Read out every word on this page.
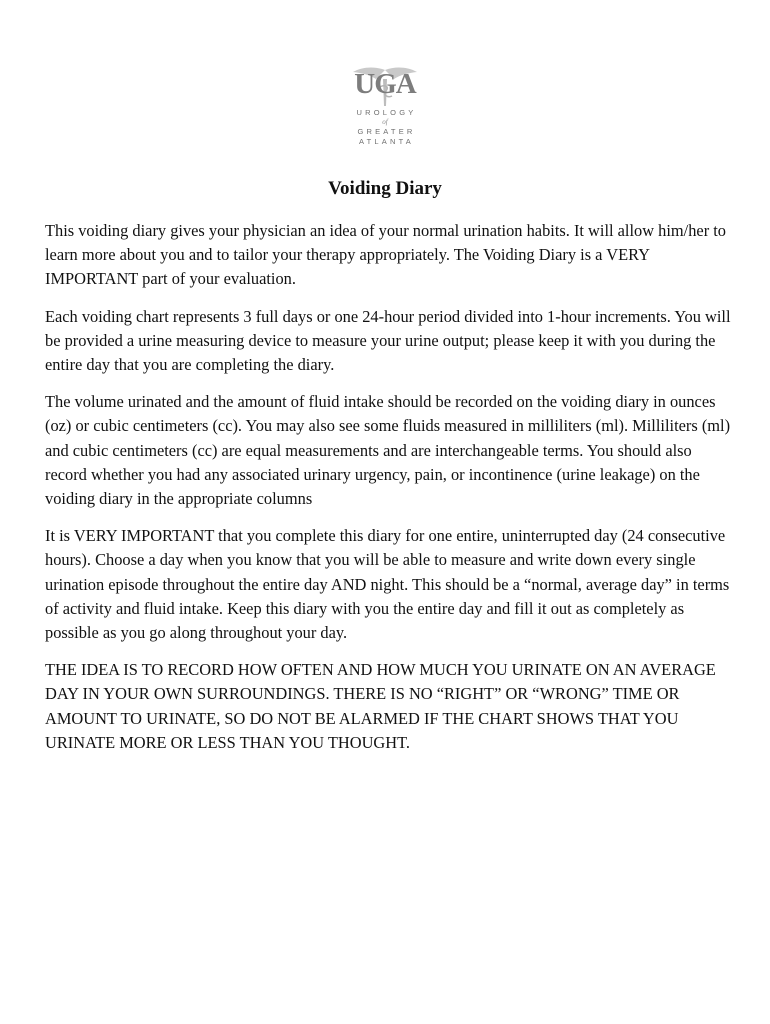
UGA
UROLOGY
of
GREATER
ATLANTA
Voiding Diary

This voiding diary gives your physician an idea of your normal urination habits. It will allow him/her to learn more about you and to tailor your therapy appropriately. The Voiding Diary is a VERY IMPORTANT part of your evaluation.

Each voiding chart represents 3 full days or one 24-hour period divided into 1-hour increments. You will be provided a urine measuring device to measure your urine output; please keep it with you during the entire day that you are completing the diary.

The volume urinated and the amount of fluid intake should be recorded on the voiding diary in ounces (oz) or cubic centimeters (cc). You may also see some fluids measured in milliliters (ml). Milliliters (ml) and cubic centimeters (cc) are equal measurements and are interchangeable terms. You should also record whether you had any associated urinary urgency, pain, or incontinence (urine leakage) on the voiding diary in the appropriate columns

It is VERY IMPORTANT that you complete this diary for one entire, uninterrupted day (24 consecutive hours). Choose a day when you know that you will be able to measure and write down every single urination episode throughout the entire day AND night. This should be a “normal, average day” in terms of activity and fluid intake. Keep this diary with you the entire day and fill it out as completely as possible as you go along throughout your day.

THE IDEA IS TO RECORD HOW OFTEN AND HOW MUCH YOU URINATE ON AN AVERAGE DAY IN YOUR OWN SURROUNDINGS. THERE IS NO “RIGHT” OR “WRONG” TIME OR AMOUNT TO URINATE, SO DO NOT BE ALARMED IF THE CHART SHOWS THAT YOU URINATE MORE OR LESS THAN YOU THOUGHT.
